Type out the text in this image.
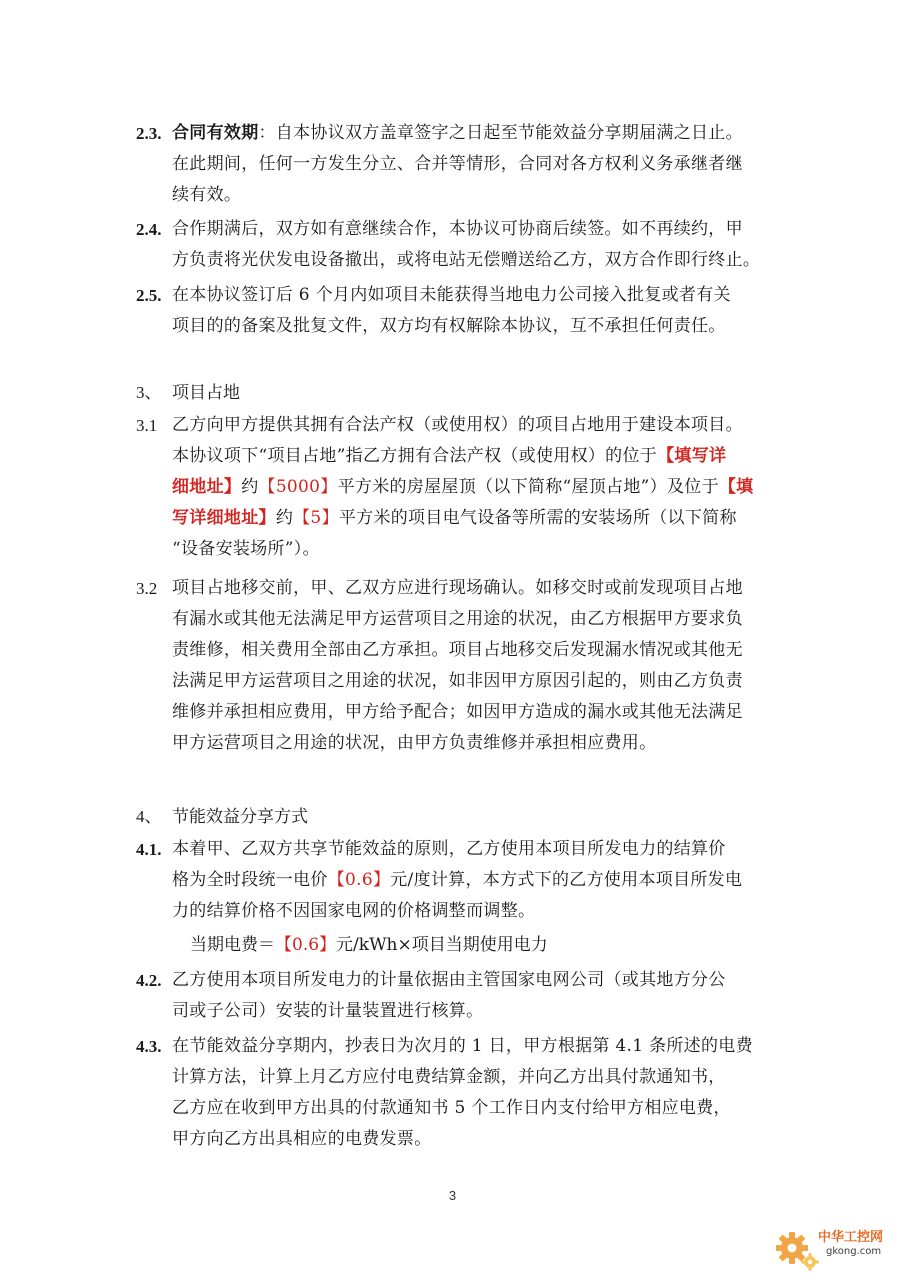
2.3. 合同有效期：自本协议双方盖章签字之日起至节能效益分享期届满之日止。
在此期间，任何一方发生分立、合并等情形，合同对各方权利义务承继者继
续有效。
2.4. 合作期满后，双方如有意继续合作，本协议可协商后续签。如不再续约，甲
方负责将光伏发电设备撤出，或将电站无偿赠送给乙方，双方合作即行终止。
2.5. 在本协议签订后 6 个月内如项目未能获得当地电力公司接入批复或者有关
项目的的备案及批复文件，双方均有权解除本协议，互不承担任何责任。
3、 项目占地
3.1 乙方向甲方提供其拥有合法产权（或使用权）的项目占地用于建设本项目。
本协议项下“项目占地”指乙方拥有合法产权（或使用权）的位于【填写详
细地址】约【5000】平方米的房屋屋顶（以下简称“屋顶占地”）及位于【填
写详细地址】约【5】平方米的项目电气设备等所需的安装场所（以下简称
“设备安装场所”）。
3.2 项目占地移交前，甲、乙双方应进行现场确认。如移交时或前发现项目占地
有漏水或其他无法满足甲方运营项目之用途的状况，由乙方根据甲方要求负
责维修，相关费用全部由乙方承担。项目占地移交后发现漏水情况或其他无
法满足甲方运营项目之用途的状况，如非因甲方原因引起的，则由乙方负责
维修并承担相应费用，甲方给予配合；如因甲方造成的漏水或其他无法满足
甲方运营项目之用途的状况，由甲方负责维修并承担相应费用。
4、 节能效益分享方式
4.1. 本着甲、乙双方共享节能效益的原则，乙方使用本项目所发电力的结算价
格为全时段统一电价【0.6】元/度计算，本方式下的乙方使用本项目所发电
力的结算价格不因国家电网的价格调整而调整。
当期电费＝【0.6】元/kWh×项目当期使用电力
4.2. 乙方使用本项目所发电力的计量依据由主管国家电网公司（或其地方分公
司或子公司）安装的计量装置进行核算。
4.3. 在节能效益分享期内，抄表日为次月的 1 日，甲方根据第 4.1 条所述的电费
计算方法，计算上月乙方应付电费结算金额，并向乙方出具付款通知书，
乙方应在收到甲方出具的付款通知书 5 个工作日内支付给甲方相应电费，
甲方向乙方出具相应的电费发票。
3
中华工控网
gkong.com
